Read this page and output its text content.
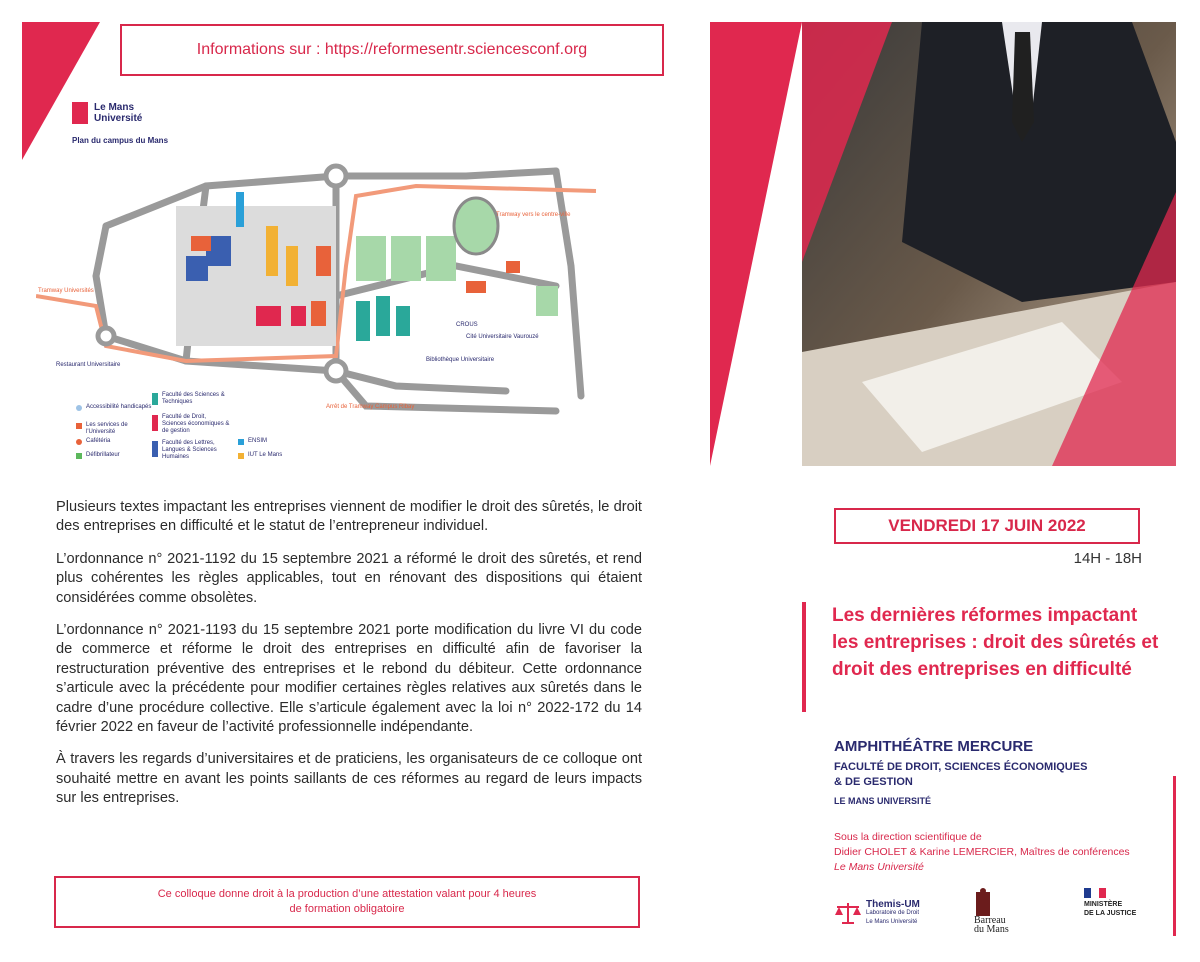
Informations sur : https://reformesentr.sciencesconf.org
Le Mans
Université
Plan du campus du Mans
Tramway Universités
Arrêt de Tramway Campus Ribay
Tramway vers le centre-ville
Cité Universitaire Vaurouzé
Bibliothèque Universitaire
CROUS
Restaurant Universitaire
Accessibilité handicapés
Les services de l'Université
Cafétéria
Défibrillateur
Faculté des Sciences & Techniques
Faculté de Droit, Sciences économiques & de gestion
Faculté des Lettres, Langues & Sciences Humaines
ENSIM
IUT Le Mans

Plusieurs textes impactant les entreprises viennent de modifier le droit des sûretés, le droit des entreprises en difficulté et le statut de l’entrepreneur individuel.

L’ordonnance n° 2021-1192 du 15 septembre 2021 a réformé le droit des sûretés, et rend plus cohérentes les règles applicables, tout en rénovant des dispositions qui étaient considérées comme obsolètes.

L’ordonnance n° 2021-1193 du 15 septembre 2021 porte modification du livre VI du code de commerce et réforme le droit des entreprises en difficulté afin de favoriser la restructuration préventive des entreprises et le rebond du débiteur. Cette ordonnance s’articule avec la précédente pour modifier certaines règles relatives aux sûretés dans le cadre d’une procédure collective. Elle s’articule également avec la loi n° 2022-172 du 14 février 2022 en faveur de l’activité professionnelle indépendante.

À travers les regards d’universitaires et de praticiens, les organisateurs de ce colloque ont souhaité mettre en avant les points saillants de ces réformes au regard de leurs impacts sur les entreprises.

Ce colloque donne droit à la production d’une attestation valant pour 4 heures
de formation obligatoire
VENDREDI 17 JUIN 2022
14H - 18H
Les dernières réformes impactant les entreprises : droit des sûretés et droit des entreprises en difficulté
AMPHITHÉÂTRE MERCURE
FACULTÉ DE DROIT, SCIENCES ÉCONOMIQUES
& DE GESTION
LE MANS UNIVERSITÉ
Sous la direction scientifique de
Didier CHOLET & Karine LEMERCIER, Maîtres de conférences
Le Mans Université
Themis-UM
Laboratoire de Droit
Le Mans Université	Barreau
du Mans
MINISTÈRE
DE LA JUSTICE
